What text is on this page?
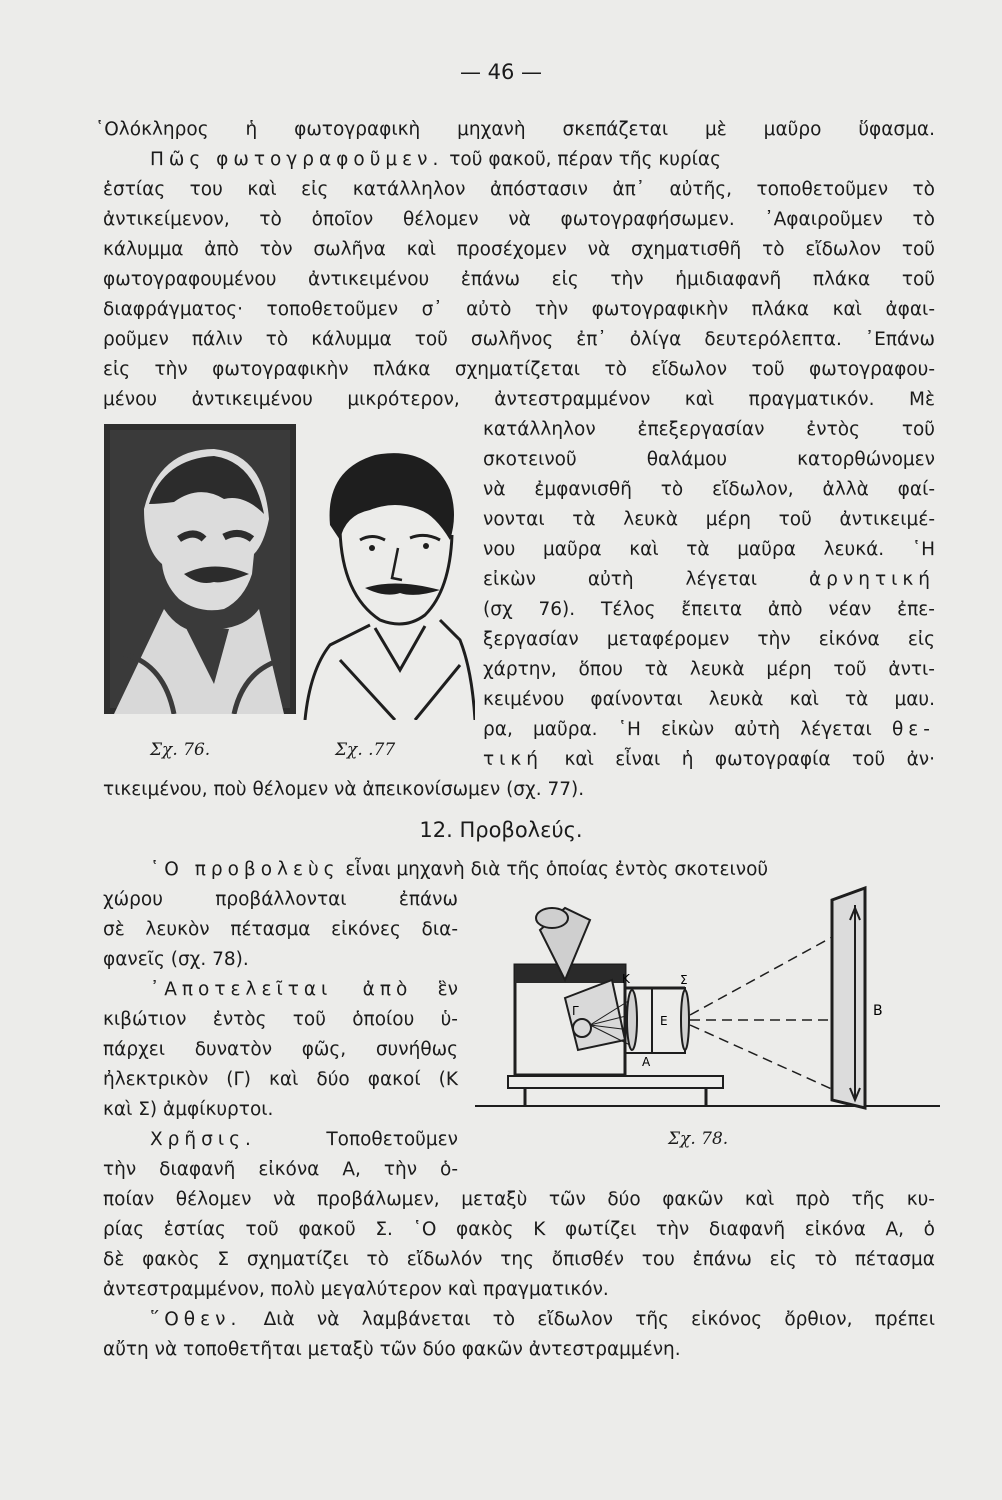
— 46 —
῾Ολόκληρος ἡ φωτογραφικὴ μηχανὴ σκεπάζεται μὲ μαῦρο ὕφασμα.
Πῶς φωτογραφοῦμεν. τοῦ φακοῦ, πέραν τῆς κυρίας
ἑστίας του καὶ εἰς κατάλληλον ἀπόστασιν ἀπ᾿ αὐτῆς, τοποθετοῦμεν τὸ
ἀντικείμενον, τὸ ὁποῖον θέλομεν νὰ φωτογραφήσωμεν. ᾿Αφαιροῦμεν τὸ
κάλυμμα ἀπὸ τὸν σωλῆνα καὶ προσέχομεν νὰ σχηματισθῆ τὸ εἴδωλον τοῦ
φωτογραφουμένου ἀντικειμένου ἐπάνω εἰς τὴν ἡμιδιαφανῆ πλάκα τοῦ
διαφράγματος· τοποθετοῦμεν σ᾿ αὐτὸ τὴν φωτογραφικὴν πλάκα καὶ ἀφαι-
ροῦμεν πάλιν τὸ κάλυμμα τοῦ σωλῆνος ἐπ᾿ ὀλίγα δευτερόλεπτα. ᾿Επάνω
εἰς τὴν φωτογραφικὴν πλάκα σχηματίζεται τὸ εἴδωλον τοῦ φωτογραφου-
μένου ἀντικειμένου μικρότερον, ἀντεστραμμένον καὶ πραγματικόν. Μὲ
κατάλληλον ἐπεξεργασίαν ἐντὸς τοῦ
σκοτεινοῦ θαλάμου κατορθώνομεν
νὰ ἐμφανισθῆ τὸ εἴδωλον, ἀλλὰ φαί-
νονται τὰ λευκὰ μέρη τοῦ ἀντικειμέ-
νου μαῦρα καὶ τὰ μαῦρα λευκά. ῾Η
εἰκὼν αὐτὴ λέγεται	ἀρνητική
(σχ 76). Τέλος ἔπειτα ἀπὸ νέαν ἐπε-
ξεργασίαν μεταφέρομεν τὴν εἰκόνα εἰς
χάρτην, ὅπου τὰ λευκὰ μέρη τοῦ ἀντι-
κειμένου φαίνονται λευκὰ καὶ τὰ μαυ.
ρα, μαῦρα. ῾Η εἰκὼν αὐτὴ λέγεται θε-
τική καὶ εἶναι ἡ φωτογραφία τοῦ ἀν·
τικειμένου, ποὺ θέλομεν νὰ ἀπεικονίσωμεν (σχ. 77).
Σχ. 76.	Σχ. .77
12. Προβολεύς.
῾Ο προβολεὺς εἶναι μηχανὴ διὰ τῆς ὁποίας ἐντὸς σκοτεινοῦ
χώρου προβάλλονται ἐπάνω
σὲ λευκὸν πέτασμα εἰκόνες δια-
φανεῖς (σχ. 78).
᾿Αποτελεῖται ἀπὸ ἓν
κιβώτιον ἐντὸς τοῦ ὁποίου ὑ-
πάρχει δυνατὸν φῶς, συνήθως
ἠλεκτρικὸν (Γ) καὶ δύο φακοί (Κ
καὶ Σ) ἀμφίκυρτοι.
Χρῆσις.	Τοποθετοῦμεν
τὴν διαφανῆ εἰκόνα Α, τὴν ὁ-
Γ
Κ
Ε
Σ
Α
Β
Σχ. 78.
ποίαν θέλομεν νὰ προβάλωμεν, μεταξὺ τῶν δύο φακῶν καὶ πρὸ τῆς κυ-
ρίας ἑστίας τοῦ φακοῦ Σ. ῾Ο φακὸς Κ φωτίζει τὴν διαφανῆ εἰκόνα Α, ὁ
δὲ φακὸς Σ σχηματίζει τὸ εἴδωλόν της ὄπισθέν του ἐπάνω εἰς τὸ πέτασμα
ἀντεστραμμένον, πολὺ μεγαλύτερον καὶ πραγματικόν.
῞Οθεν. Διὰ νὰ λαμβάνεται τὸ εἴδωλον τῆς εἰκόνος ὄρθιον, πρέπει
αὔτη νὰ τοποθετῆται μεταξὺ τῶν δύο φακῶν ἀντεστραμμένη.
